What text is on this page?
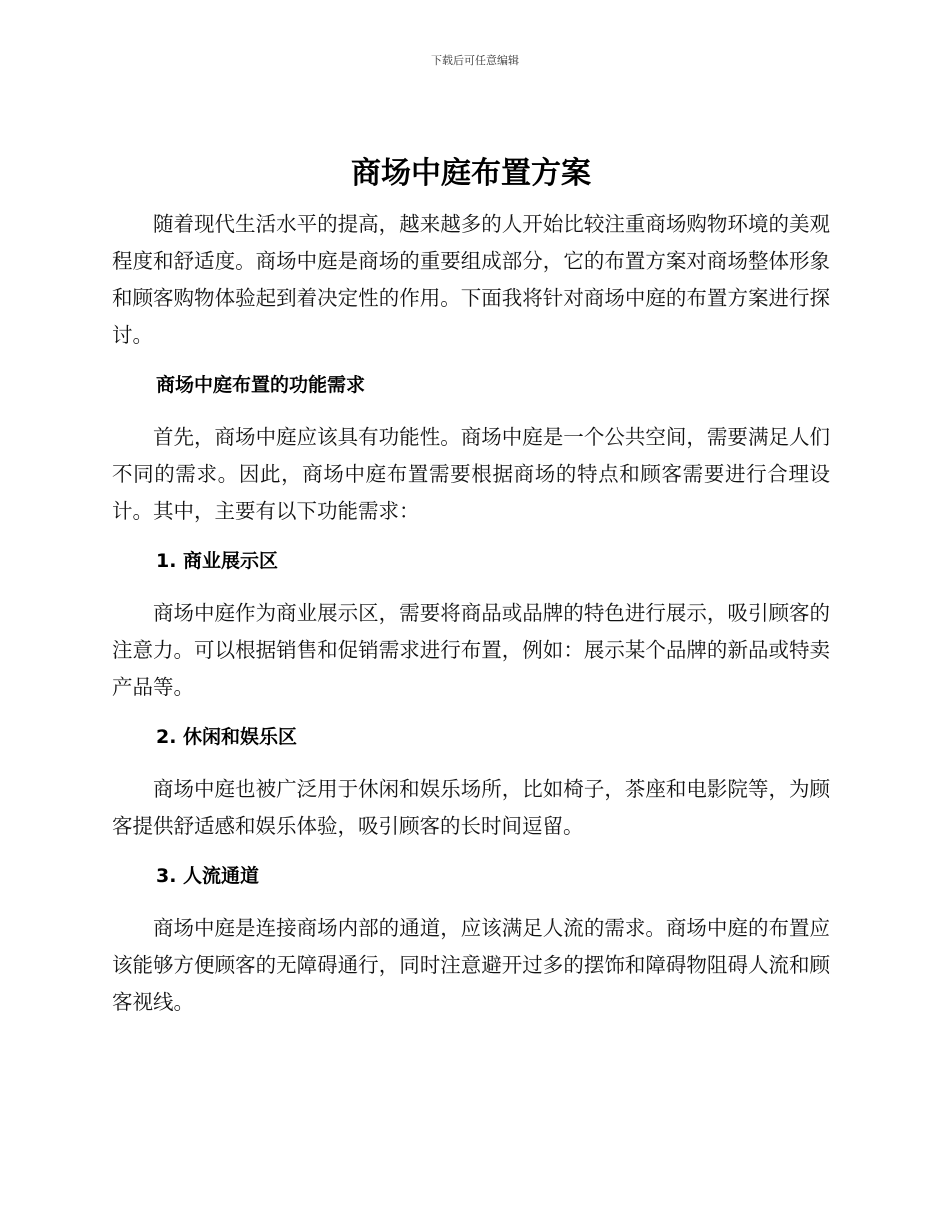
下载后可任意编辑
商场中庭布置方案

随着现代生活水平的提高，越来越多的人开始比较注重商场购物环境的美观程度和舒适度。商场中庭是商场的重要组成部分，它的布置方案对商场整体形象和顾客购物体验起到着决定性的作用。下面我将针对商场中庭的布置方案进行探讨。

商场中庭布置的功能需求

首先，商场中庭应该具有功能性。商场中庭是一个公共空间，需要满足人们不同的需求。因此，商场中庭布置需要根据商场的特点和顾客需要进行合理设计。其中，主要有以下功能需求：

1. 商业展示区

商场中庭作为商业展示区，需要将商品或品牌的特色进行展示，吸引顾客的注意力。可以根据销售和促销需求进行布置，例如：展示某个品牌的新品或特卖产品等。

2. 休闲和娱乐区

商场中庭也被广泛用于休闲和娱乐场所，比如椅子，茶座和电影院等，为顾客提供舒适感和娱乐体验，吸引顾客的长时间逗留。

3. 人流通道

商场中庭是连接商场内部的通道，应该满足人流的需求。商场中庭的布置应该能够方便顾客的无障碍通行，同时注意避开过多的摆饰和障碍物阻碍人流和顾客视线。
